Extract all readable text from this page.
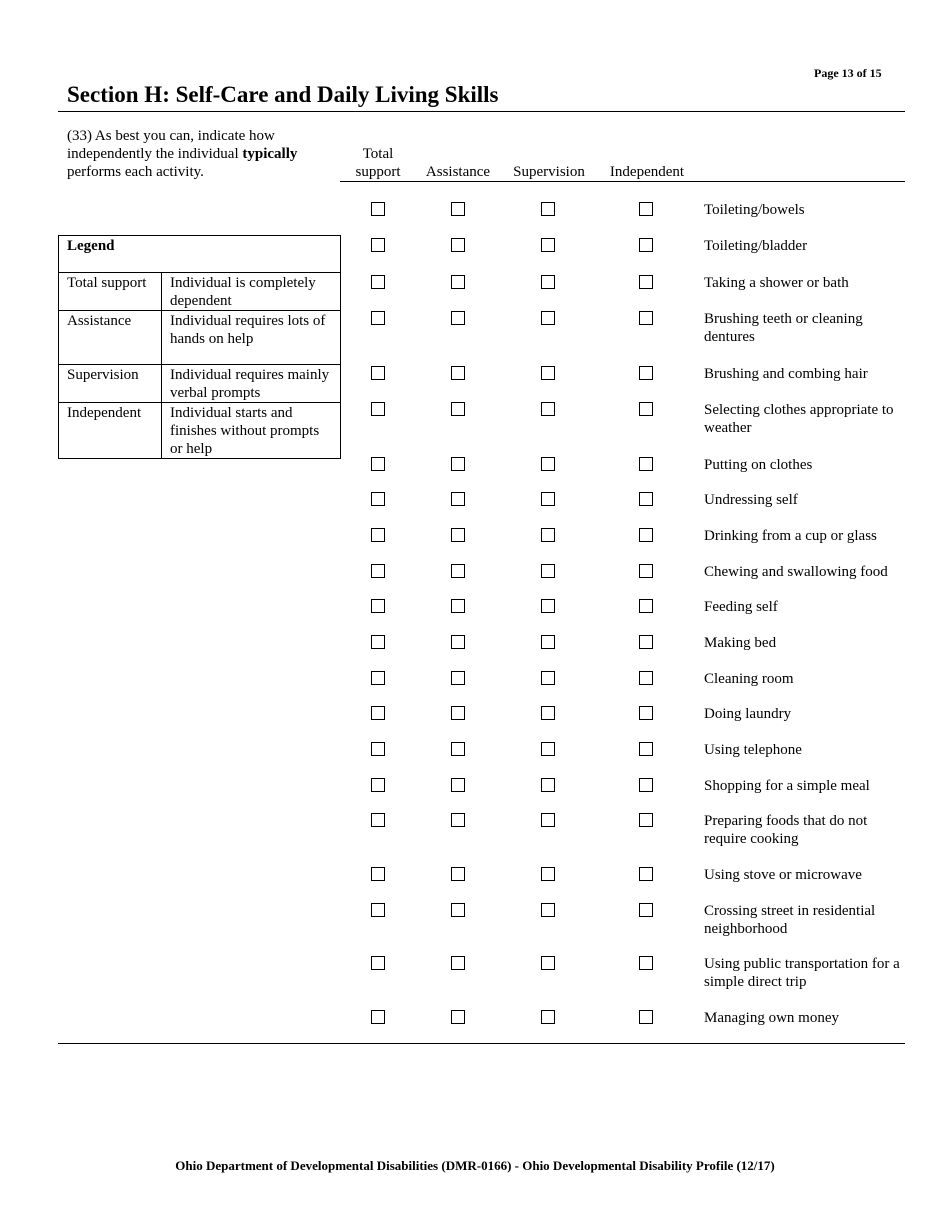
Page 13 of 15
Section H: Self-Care and Daily Living Skills
(33) As best you can, indicate how independently the individual typically performs each activity.
Total
support	Assistance	Supervision	Independent
Legend	
Total support	Individual is completely dependent
Assistance	Individual requires lots of hands on help
Supervision	Individual requires mainly verbal prompts
Independent	Individual starts and finishes without prompts or help
Toileting/bowels
Toileting/bladder
Taking a shower or bath
Brushing teeth or cleaning dentures
Brushing and combing hair
Selecting clothes appropriate to weather
Putting on clothes
Undressing self
Drinking from a cup or glass
Chewing and swallowing food
Feeding self
Making bed
Cleaning room
Doing laundry
Using telephone
Shopping for a simple meal
Preparing foods that do not require cooking
Using stove or microwave
Crossing street in residential neighborhood
Using public transportation for a simple direct trip
Managing own money
Ohio Department of Developmental Disabilities (DMR-0166) - Ohio Developmental Disability Profile (12/17)
